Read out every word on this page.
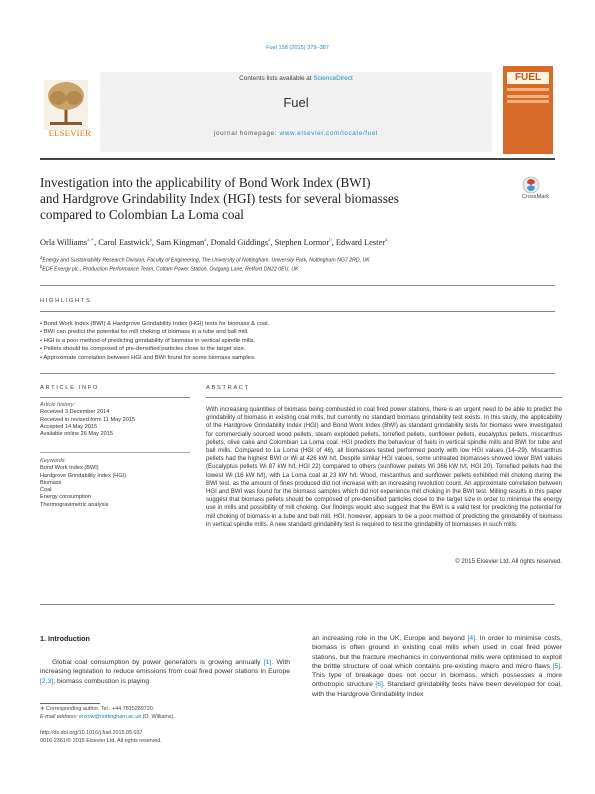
Fuel 158 (2015) 379–387
ELSEVIER
Contents lists available at ScienceDirect
Fuel
journal homepage: www.elsevier.com/locate/fuel
FUEL
Investigation into the applicability of Bond Work Index (BWI)
and Hardgrove Grindability Index (HGI) tests for several biomasses
compared to Colombian La Loma coal
CrossMark
Orla Williams$^{a,∗}$, Carol Eastwick$^a$, Sam Kingman$^a$, Donald Giddings$^a$, Stephen Lormor$^b$, Edward Lester$^a$
$^a$Energy and Sustainability Research Division, Faculty of Engineering, The University of Nottingham, University Park, Nottingham NG7 2RD, UK
$^b$EDF Energy plc., Production Performance Team, Cottam Power Station, Outgang Lane, Retford DN22 0EU, UK
HIGHLIGHTS
• Bond Work Index (BWI) & Hardgrove Grindability Index (HGI) tests for biomass & coal.
• BWI can predict the potential for mill choking of biomass in a tube and ball mill.
• HGI is a poor method of predicting grindability of biomass in vertical spindle mills.
• Pellets should be composed of pre-densified particles close to the target size.
• Approximate correlation between HGI and BWI found for some biomass samples.
ARTICLE INFO
Article history:
Received 3 December 2014
Received in revised form 11 May 2015
Accepted 14 May 2015
Available online 26 May 2015
Keywords:
Bond Work Index (BWI)
Hardgrove Grindability Index (HGI)
Biomass
Coal
Energy consumption
Thermogravimetric analysis
ABSTRACT
With increasing quantities of biomass being combusted in coal fired power stations, there is an urgent need to be able to predict the grindability of biomass in existing coal mills, but currently no standard biomass grindability test exists. In this study, the applicability of the Hardgrove Grindability Index (HGI) and Bond Work Index (BWI) as standard grindability tests for biomass were investigated for commercially sourced wood pellets, steam exploded pellets, torrefied pellets, sunflower pellets, eucalyptus pellets, miscanthus pellets, olive cake and Colombian La Loma coal. HGI predicts the behaviour of fuels in vertical spindle mills and BWI for tube and ball mills. Compared to La Loma (HGI of 46), all biomasses tested performed poorly with low HGI values (14–29). Miscanthus pellets had the highest BWI or Wi at 426 kW h/t. Despite similar HGI values, some untreated biomasses showed lower BWI values (Eucalyptus pellets Wi 87 kW h/t, HGI 22) compared to others (sunflower pellets Wi 366 kW h/t, HGI 20). Torrefied pellets had the lowest Wi (16 kW h/t), with La Loma coal at 23 kW h/t. Wood, miscanthus and sunflower pellets exhibited mill choking during the BWI test, as the amount of fines produced did not increase with an increasing revolution count. An approximate correlation between HGI and BWI was found for the biomass samples which did not experience mill choking in the BWI test. Milling results in this paper suggest that biomass pellets should be composed of pre-densified particles close to the target size in order to minimise the energy use in mills and possibility of mill choking. Our findings would also suggest that the BWI is a valid test for predicting the potential for mill choking of biomass in a tube and ball mill. HGI, however, appears to be a poor method of predicting the grindability of biomass in vertical spindle mills. A new standard grindability test is required to test the grindability of biomasses in such mills.
© 2015 Elsevier Ltd. All rights reserved.
1. Introduction
Global coal consumption by power generators is growing annually [1]. With increasing legislation to reduce emissions from coal fired power stations in Europe [2,3], biomass combustion is playing
an increasing role in the UK, Europe and beyond [4]. In order to minimise costs, biomass is often ground in existing coal mills when used in coal fired power stations, but the fracture mechanics in conventional mills were optimised to exploit the brittle structure of coal which contains pre-existing macro and micro flaws [5]. This type of breakage does not occur in biomass, which possesses a more orthotropic structure [6]. Standard grindability tests have been developed for coal, with the Hardgrove Grindability Index
∗ Corresponding author. Tel.: +44 7815289720.
E-mail address: enxow@nottingham.ac.uk (O. Williams).
http://dx.doi.org/10.1016/j.fuel.2015.05.037
0016-2361/© 2015 Elsevier Ltd. All rights reserved.
